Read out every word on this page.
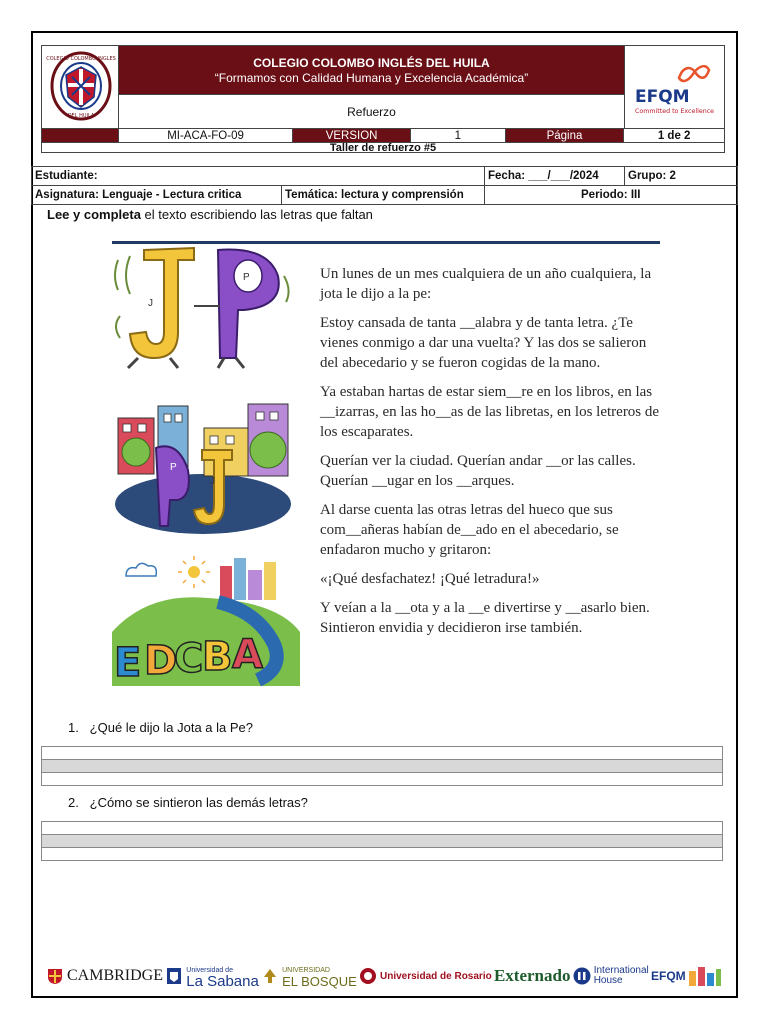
COLEGIO COLOMBO INGLES
DEL HUILA
COLEGIO COLOMBO INGLÉS DEL HUILA
“Formamos con Calidad Humana y Excelencia Académica”
Refuerzo
EFQM
Committed to Excellence
MI-ACA-FO-09	VERSION	1	Página	1 de 2
Taller de refuerzo #5
Estudiante:		Fecha: ___/___/2024	Grupo: 2
Asignatura: Lenguaje - Lectura critica	Temática: lectura y comprensión	Periodo: III	
Lee y completa el texto escribiendo las letras que faltan
J
P
P
J
E D
C
B A

Un lunes de un mes cualquiera de un año cualquiera, la jota le dijo a la pe:

Estoy cansada de tanta __alabra y de tanta letra. ¿Te vienes conmigo a dar una vuelta? Y las dos se salieron del abecedario y se fueron cogidas de la mano.

Ya estaban hartas de estar siem__re en los libros, en las __izarras, en las ho__as de las libretas, en los letreros de los escaparates.

Querían ver la ciudad. Querían andar __or las calles. Querían __ugar en los __arques.

Al darse cuenta las otras letras del hueco que sus com__añeras habían de__ado en el abecedario, se enfadaron mucho y gritaron:

«¡Qué desfachatez! ¡Qué letradura!»

Y veían a la __ota y a la __e divertirse y __asarlo bien. Sintieron envidia y decidieron irse también.

1.   ¿Qué le dijo la Jota a la Pe?
2.   ¿Cómo se sintieron las demás letras?
CAMBRIDGE	Universidad de
La Sabana
UNIVERSIDAD
EL BOSQUE Universidad de Rosario Externado International
House	EFQM
